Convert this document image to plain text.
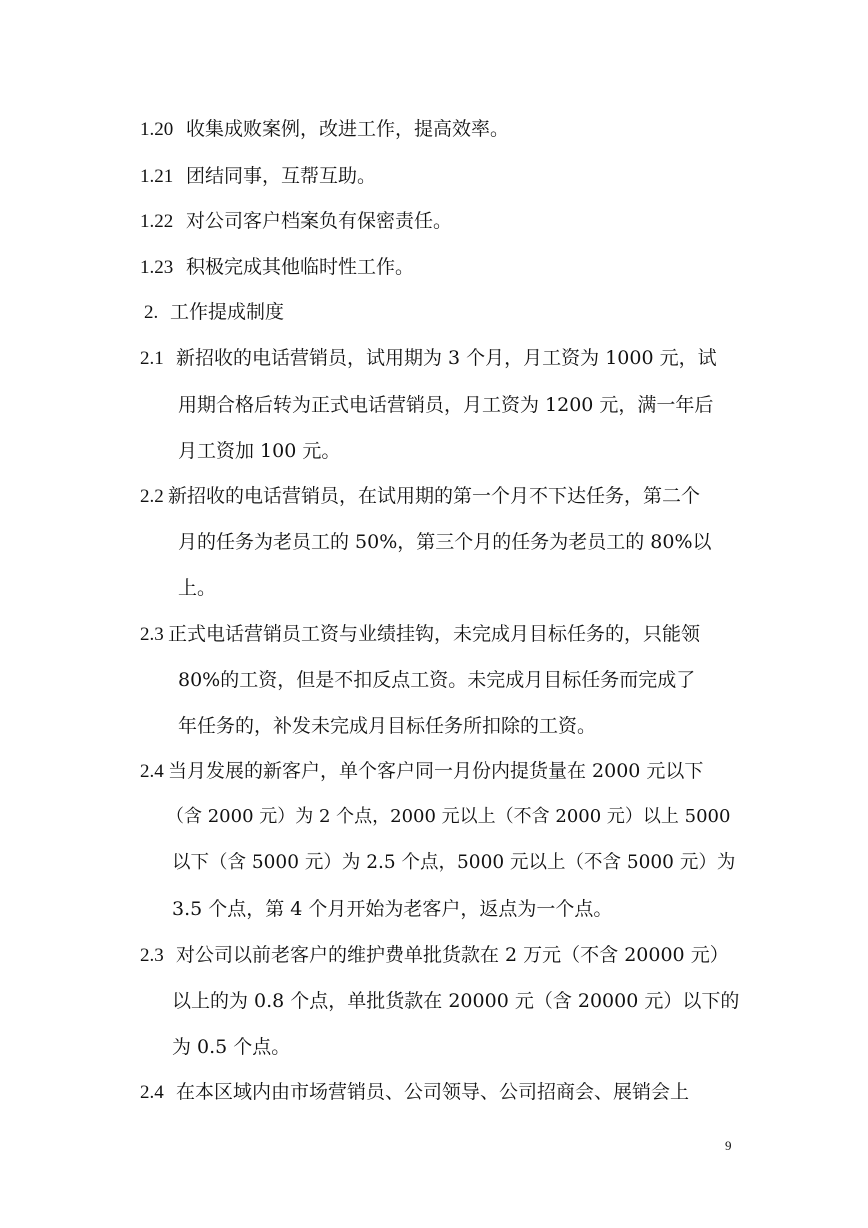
1.20 收集成败案例，改进工作，提高效率。
1.21 团结同事，互帮互助。
1.22 对公司客户档案负有保密责任。
1.23 积极完成其他临时性工作。
2. 工作提成制度
2.1 新招收的电话营销员，试用期为 3 个月，月工资为 1000 元，试
用期合格后转为正式电话营销员，月工资为 1200 元，满一年后
月工资加 100 元。
2.2 新招收的电话营销员，在试用期的第一个月不下达任务，第二个
月的任务为老员工的 50%，第三个月的任务为老员工的 80%以
上。
2.3 正式电话营销员工资与业绩挂钩，未完成月目标任务的，只能领
80%的工资，但是不扣反点工资。未完成月目标任务而完成了
年任务的，补发未完成月目标任务所扣除的工资。
2.4 当月发展的新客户，单个客户同一月份内提货量在 2000 元以下
（含 2000 元）为 2 个点，2000 元以上（不含 2000 元）以上 5000
以下（含 5000 元）为 2.5 个点，5000 元以上（不含 5000 元）为
3.5 个点，第 4 个月开始为老客户，返点为一个点。
2.3 对公司以前老客户的维护费单批货款在 2 万元（不含 20000 元）
以上的为 0.8 个点，单批货款在 20000 元（含 20000 元）以下的
为 0.5 个点。
2.4 在本区域内由市场营销员、公司领导、公司招商会、展销会上
9
